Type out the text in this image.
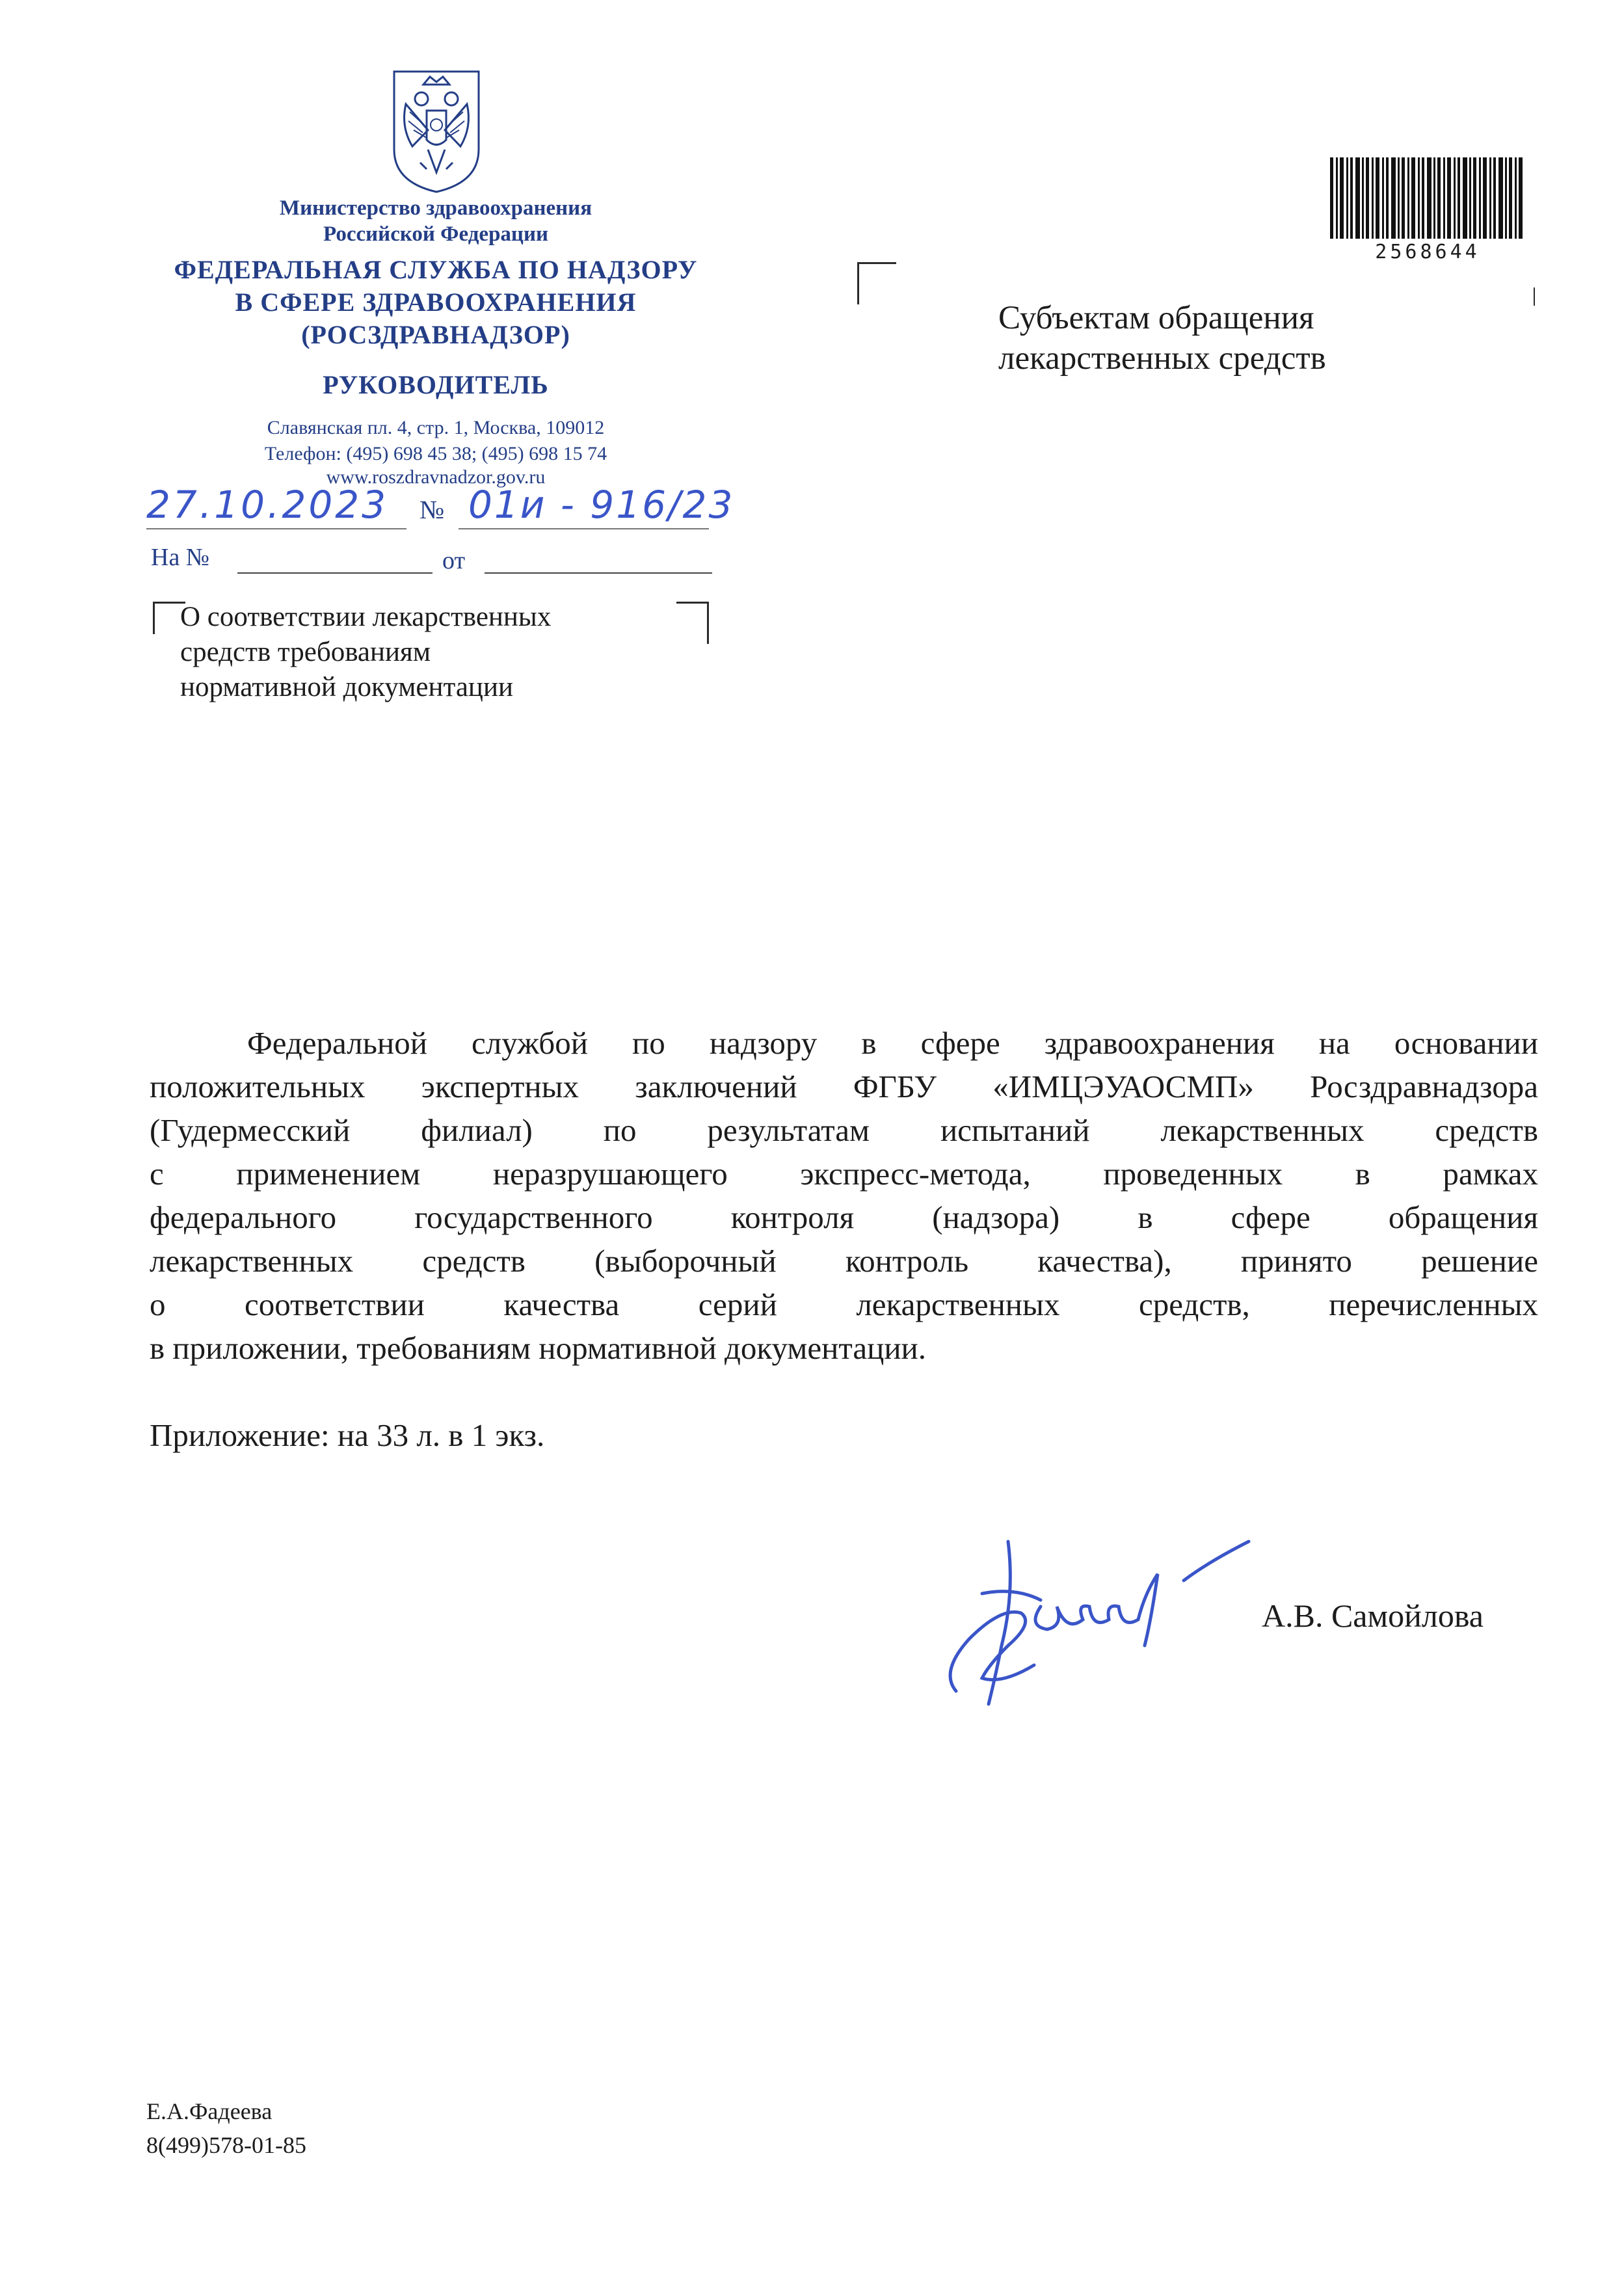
Министерство здравоохранения
Российской Федерации
ФЕДЕРАЛЬНАЯ СЛУЖБА ПО НАДЗОРУ
В СФЕРЕ ЗДРАВООХРАНЕНИЯ
(РОСЗДРАВНАДЗОР)
РУКОВОДИТЕЛЬ
Славянская пл. 4, стр. 1, Москва, 109012
Телефон: (495) 698 45 38; (495) 698 15 74
www.roszdravnadzor.gov.ru
27.10.2023 № 01и - 916/23
На №	от
О соответствии лекарственных
средств требованиям
нормативной документации
2568644
Субъектам обращения
лекарственных средств
Федеральной службой по надзору в сфере здравоохранения на основании
положительных экспертных заключений ФГБУ «ИМЦЭУАОСМП» Росздравнадзора
(Гудермесский филиал) по результатам испытаний лекарственных средств
с применением неразрушающего экспресс-метода, проведенных в рамках
федерального государственного контроля (надзора) в сфере обращения
лекарственных средств (выборочный контроль качества), принято решение
о соответствии качества серий лекарственных средств, перечисленных
в приложении, требованиям нормативной документации.
Приложение: на 33 л. в 1 экз.
А.В. Самойлова
Е.А.Фадеева
8(499)578-01-85
